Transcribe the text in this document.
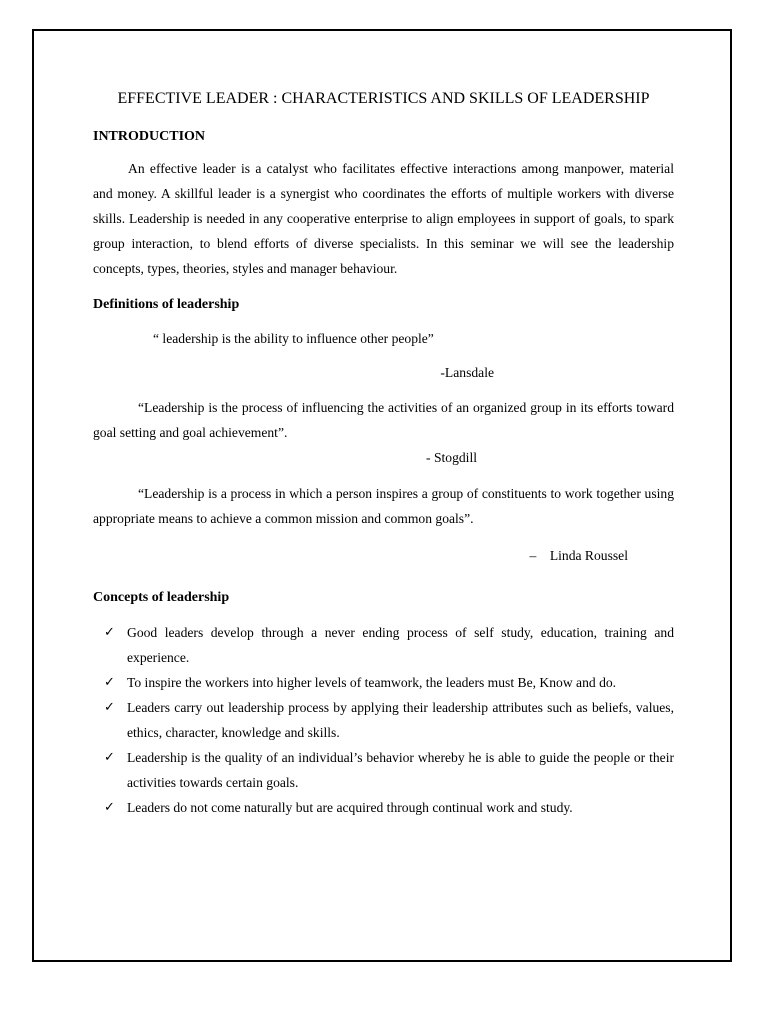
EFFECTIVE LEADER : CHARACTERISTICS AND SKILLS OF LEADERSHIP

INTRODUCTION

An effective leader is a catalyst who facilitates effective interactions among manpower, material and money. A skillful leader is a synergist who coordinates the efforts of multiple workers with diverse skills. Leadership is needed in any cooperative enterprise to align employees in support of goals, to spark group interaction, to blend efforts of diverse specialists. In this seminar we will see the leadership concepts, types, theories, styles and manager behaviour.

Definitions of leadership

“ leadership is the ability to influence other people”

-Lansdale

“Leadership is the process of influencing the activities of an organized group in its efforts toward goal setting and goal achievement”.

- Stogdill

“Leadership is a process in which a person inspires a group of constituents to work together using appropriate means to achieve a common mission and common goals”.

–    Linda Roussel

Concepts of leadership

✓ Good leaders develop through a never ending process of self study, education, training and experience.
✓ To inspire the workers into higher levels of teamwork, the leaders must Be, Know and do.
✓ Leaders carry out leadership process by applying their leadership attributes such as beliefs, values, ethics, character, knowledge and skills.
✓ Leadership is the quality of an individual’s behavior whereby he is able to guide the people or their activities towards certain goals.
✓ Leaders do not come naturally but are acquired through continual work and study.
